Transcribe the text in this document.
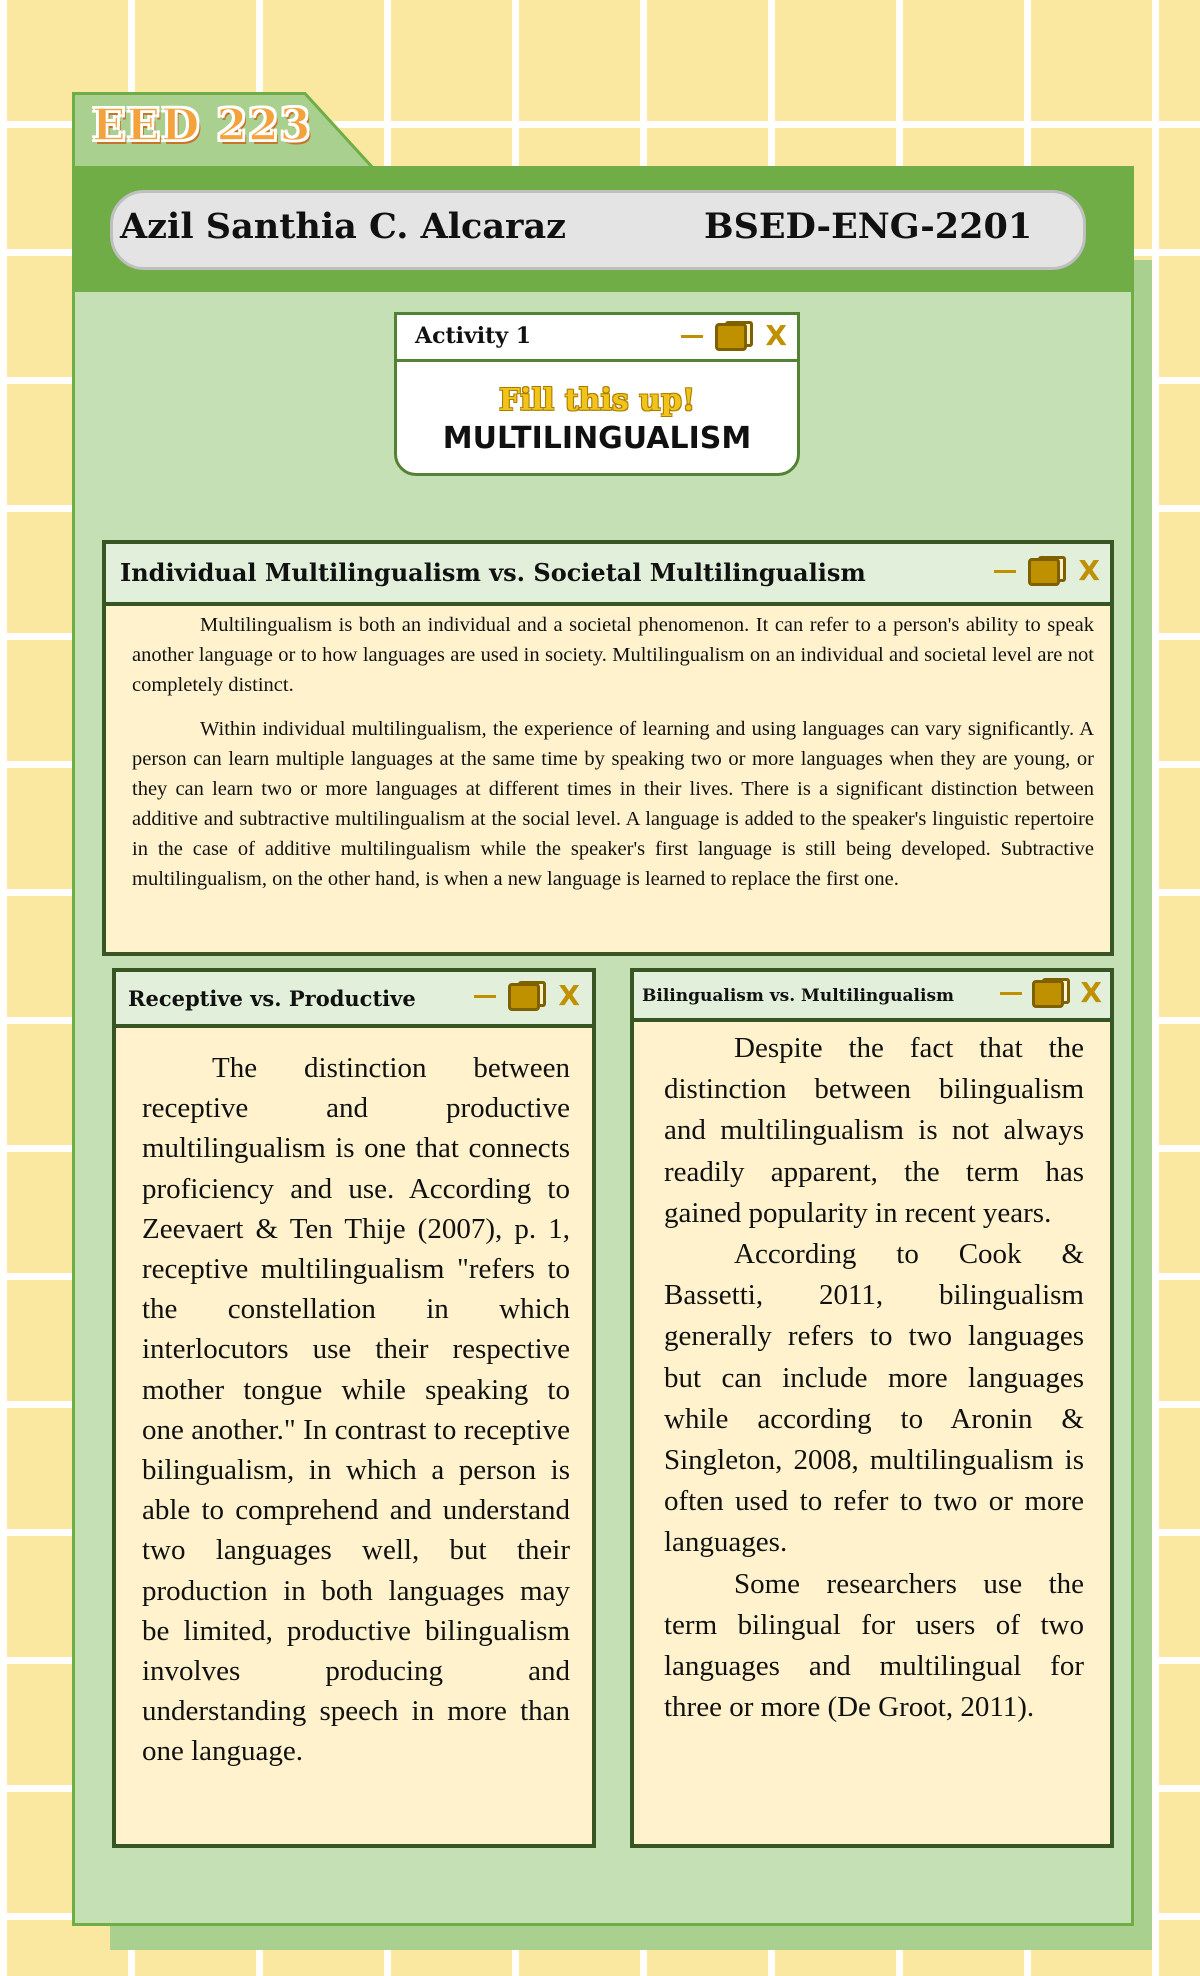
EED 223
Azil Santhia C. Alcaraz	BSED-ENG-2201
Activity 1	X
Fill this up!
MULTILINGUALISM
Individual Multilingualism vs. Societal Multilingualism	X

Multilingualism is both an individual and a societal phenomenon. It can refer to a person's ability to speak another language or to how languages are used in society. Multilingualism on an individual and societal level are not completely distinct.

Within individual multilingualism, the experience of learning and using languages can vary significantly. A person can learn multiple languages at the same time by speaking two or more languages when they are young, or they can learn two or more languages at different times in their lives. There is a significant distinction between additive and subtractive multilingualism at the social level. A language is added to the speaker's linguistic repertoire in the case of additive multilingualism while the speaker's first language is still being developed. Subtractive multilingualism, on the other hand, is when a new language is learned to replace the first one.

Receptive vs. Productive	X

The distinction between receptive and productive multilingualism is one that connects proficiency and use. According to Zeevaert & Ten Thije (2007), p. 1, receptive multilingualism "refers to the constellation in which interlocutors use their respective mother tongue while speaking to one another." In contrast to receptive bilingualism, in which a person is able to comprehend and understand two languages well, but their production in both languages may be limited, productive bilingualism involves producing and understanding speech in more than one language.

Bilingualism vs. Multilingualism	X

Despite the fact that the distinction between bilingualism and multilingualism is not always readily apparent, the term has gained popularity in recent years.

According to Cook & Bassetti, 2011, bilingualism generally refers to two languages but can include more languages while according to Aronin & Singleton, 2008, multilingualism is often used to refer to two or more languages.

Some researchers use the term bilingual for users of two languages and multilingual for three or more (De Groot, 2011).
